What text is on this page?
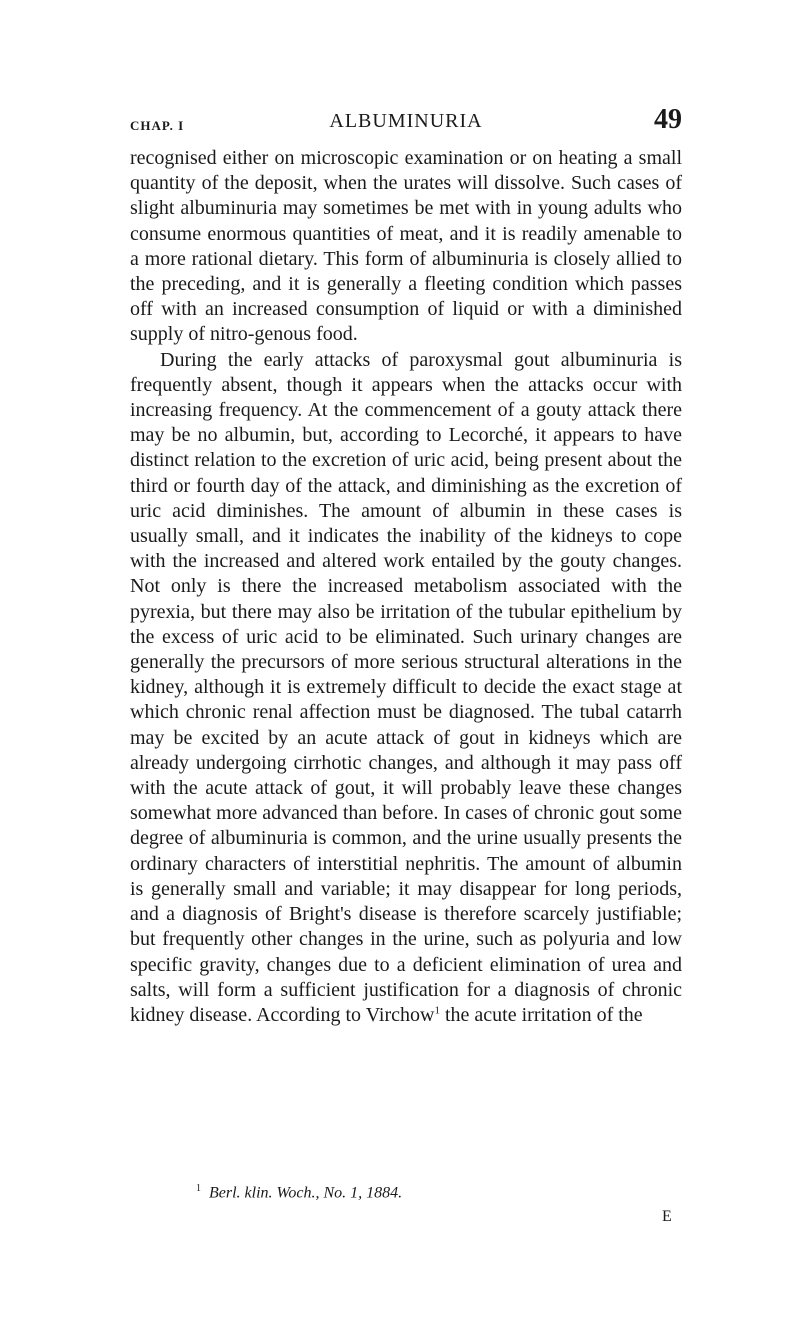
CHAP. I	ALBUMINURIA	49

recognised either on microscopic examination or on heating a small quantity of the deposit, when the urates will dissolve. Such cases of slight albuminuria may sometimes be met with in young adults who consume enormous quantities of meat, and it is readily amenable to a more rational dietary. This form of albuminuria is closely allied to the preceding, and it is generally a fleeting condition which passes off with an increased consumption of liquid or with a diminished supply of nitro-genous food.

During the early attacks of paroxysmal gout albuminuria is frequently absent, though it appears when the attacks occur with increasing frequency. At the commencement of a gouty attack there may be no albumin, but, according to Lecorché, it appears to have distinct relation to the excretion of uric acid, being present about the third or fourth day of the attack, and diminishing as the excretion of uric acid diminishes. The amount of albumin in these cases is usually small, and it indicates the inability of the kidneys to cope with the increased and altered work entailed by the gouty changes. Not only is there the increased metabolism associated with the pyrexia, but there may also be irritation of the tubular epithelium by the excess of uric acid to be eliminated. Such urinary changes are generally the precursors of more serious structural alterations in the kidney, although it is extremely difficult to decide the exact stage at which chronic renal affection must be diagnosed. The tubal catarrh may be excited by an acute attack of gout in kidneys which are already undergoing cirrhotic changes, and although it may pass off with the acute attack of gout, it will probably leave these changes somewhat more advanced than before. In cases of chronic gout some degree of albuminuria is common, and the urine usually presents the ordinary characters of interstitial nephritis. The amount of albumin is generally small and variable; it may disappear for long periods, and a diagnosis of Bright's disease is therefore scarcely justifiable; but frequently other changes in the urine, such as polyuria and low specific gravity, changes due to a deficient elimination of urea and salts, will form a sufficient justification for a diagnosis of chronic kidney disease. According to Virchow$^1$ the acute irritation of the

$^1$ Berl. klin. Woch., No. 1, 1884.
E
